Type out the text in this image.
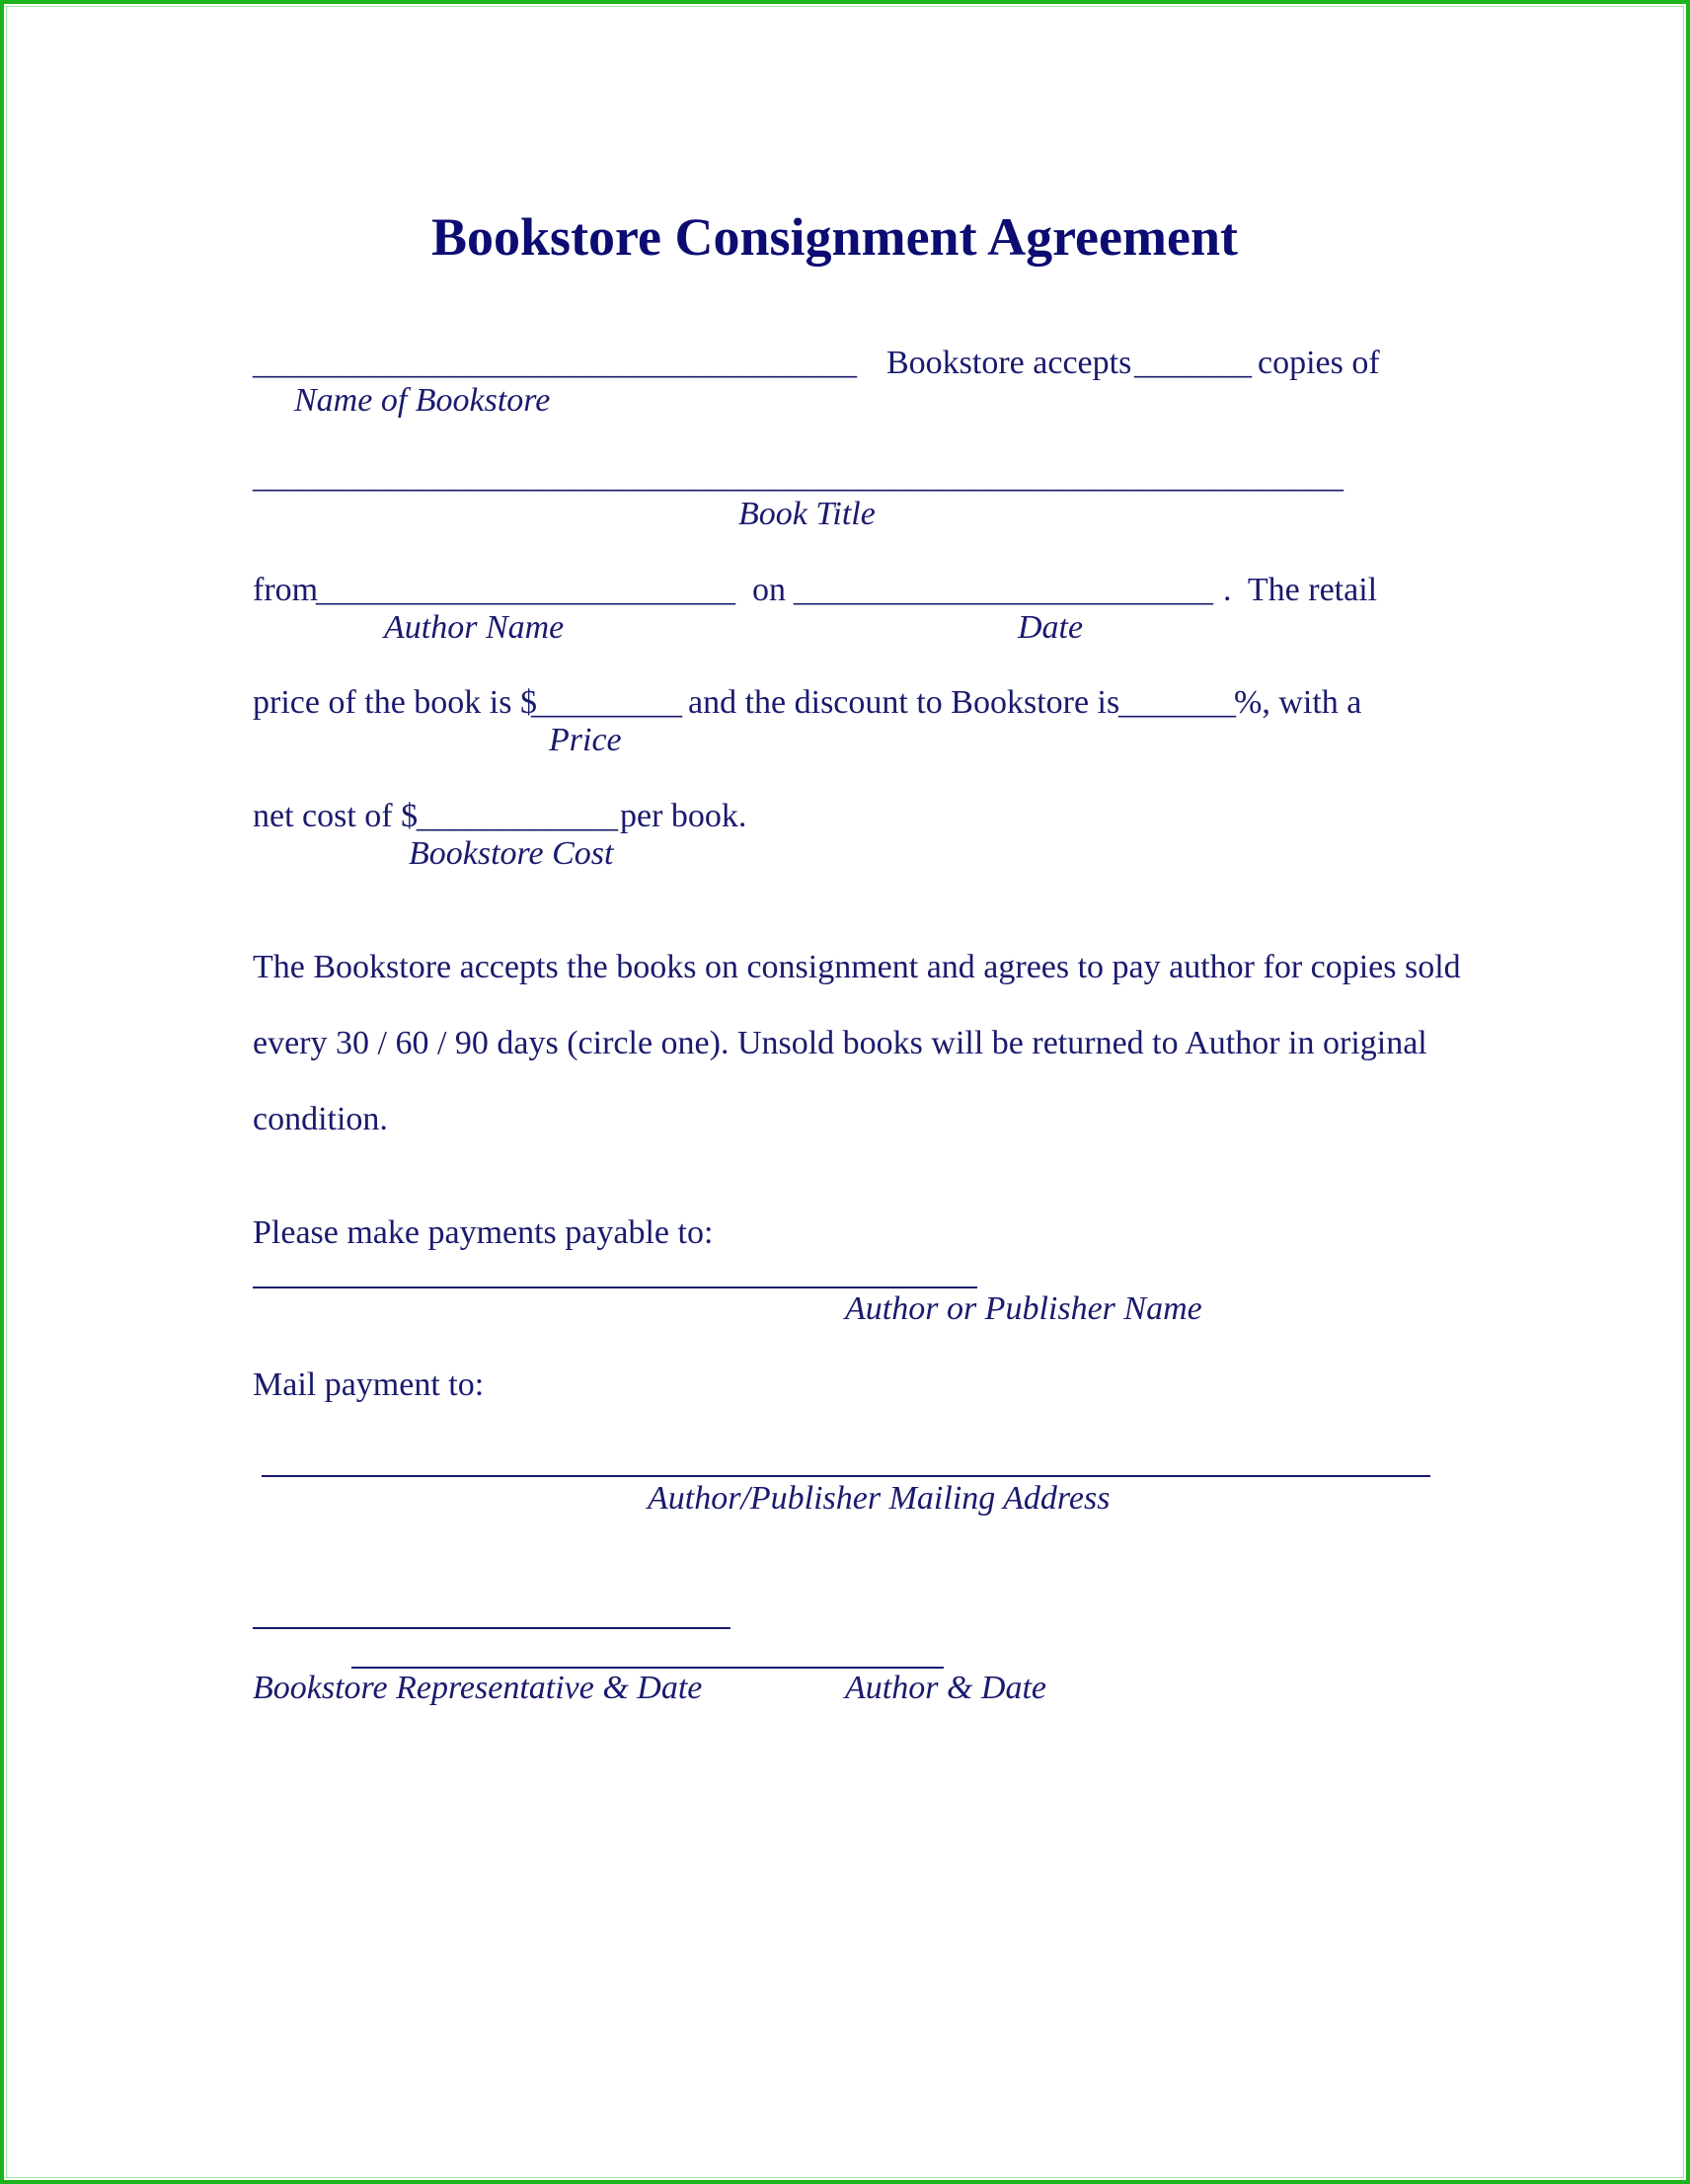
Bookstore Consignment Agreement

____________________________________ Bookstore accepts _______ copies of

Name of Bookstore

_________________________________________________________________

Book Title

from

_________________________ on _________________________ .  The retail

Author Name	Date

price of the book is $

_________ and the discount to Bookstore is

_______

%, with a

Price

net cost of $

____________ per book.

Bookstore Cost

The Bookstore accepts the books on consignment and agrees to pay author for copies sold

every 30 / 60 / 90 days (circle one). Unsold books will be returned to Author in original

condition.

Please make payments payable to:

Author or Publisher Name

Mail payment to:

Author/Publisher Mailing Address

Bookstore Representative & Date	Author & Date
